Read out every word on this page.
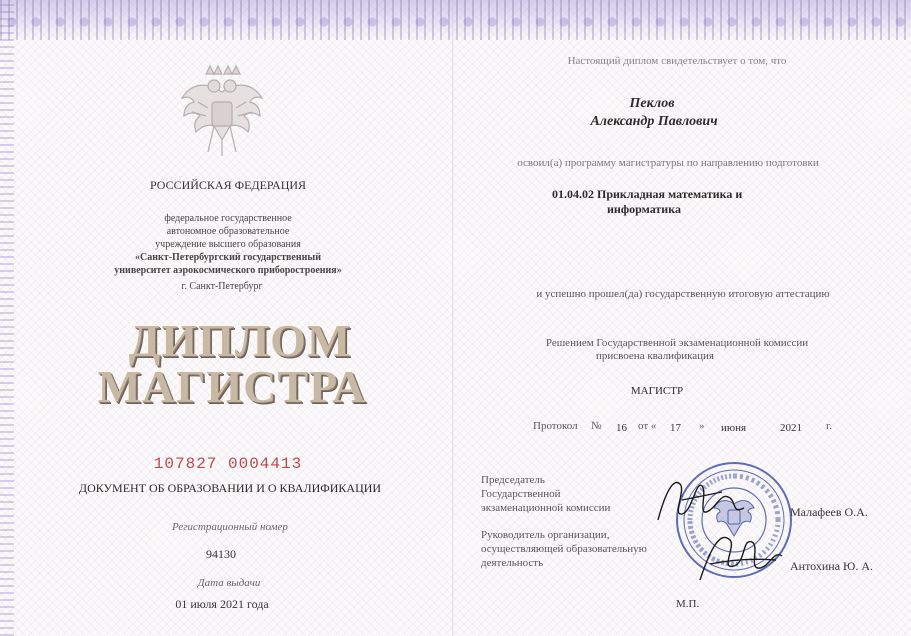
РОССИЙСКАЯ ФЕДЕРАЦИЯ
федеральное государственное
автономное образовательное
учреждение высшего образования
«Санкт-Петербургский государственный
университет аэрокосмического приборостроения»
г. Санкт-Петербург
ДИПЛОМ
МАГИСТРА
107827 0004413
ДОКУМЕНТ ОБ ОБРАЗОВАНИИ И О КВАЛИФИКАЦИИ
Регистрационный номер
94130
Дата выдачи
01 июля 2021 года
Настоящий диплом свидетельствует о том, что
Пеклов
Александр Павлович
освоил(а) программу магистратуры по направлению подготовки
01.04.02 Прикладная математика и
информатика
и успешно прошел(да) государственную итоговую аттестацию
Решением Государственной экзаменационной комиссии
присвоена квалификация
МАГИСТР
Протокол № 16 от « 17 » июня	2021 г.
Председатель
Государственной
экзаменационной комиссии	Малафеев О.А.
Руководитель организации,
осуществляющей образовательную
деятельность	Антохина Ю. А.
М.П.
